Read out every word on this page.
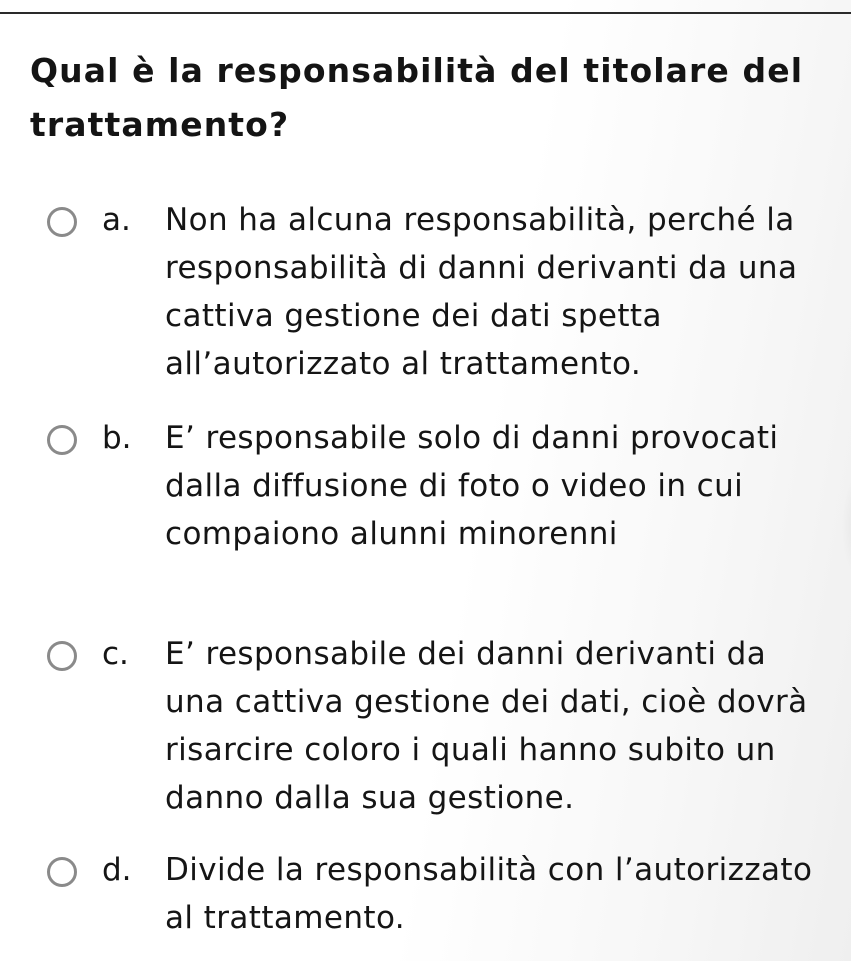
Qual è la responsabilità del titolare del trattamento?
a. Non ha alcuna responsabilità, perché la responsabilità di danni derivanti da una cattiva gestione dei dati spetta all’autorizzato al trattamento.
b. E’ responsabile solo di danni provocati dalla diffusione di foto o video in cui compaiono alunni minorenni
c. E’ responsabile dei danni derivanti da una cattiva gestione dei dati, cioè dovrà risarcire coloro i quali hanno subito un danno dalla sua gestione.
d. Divide la responsabilità con l’autorizzato al trattamento.
